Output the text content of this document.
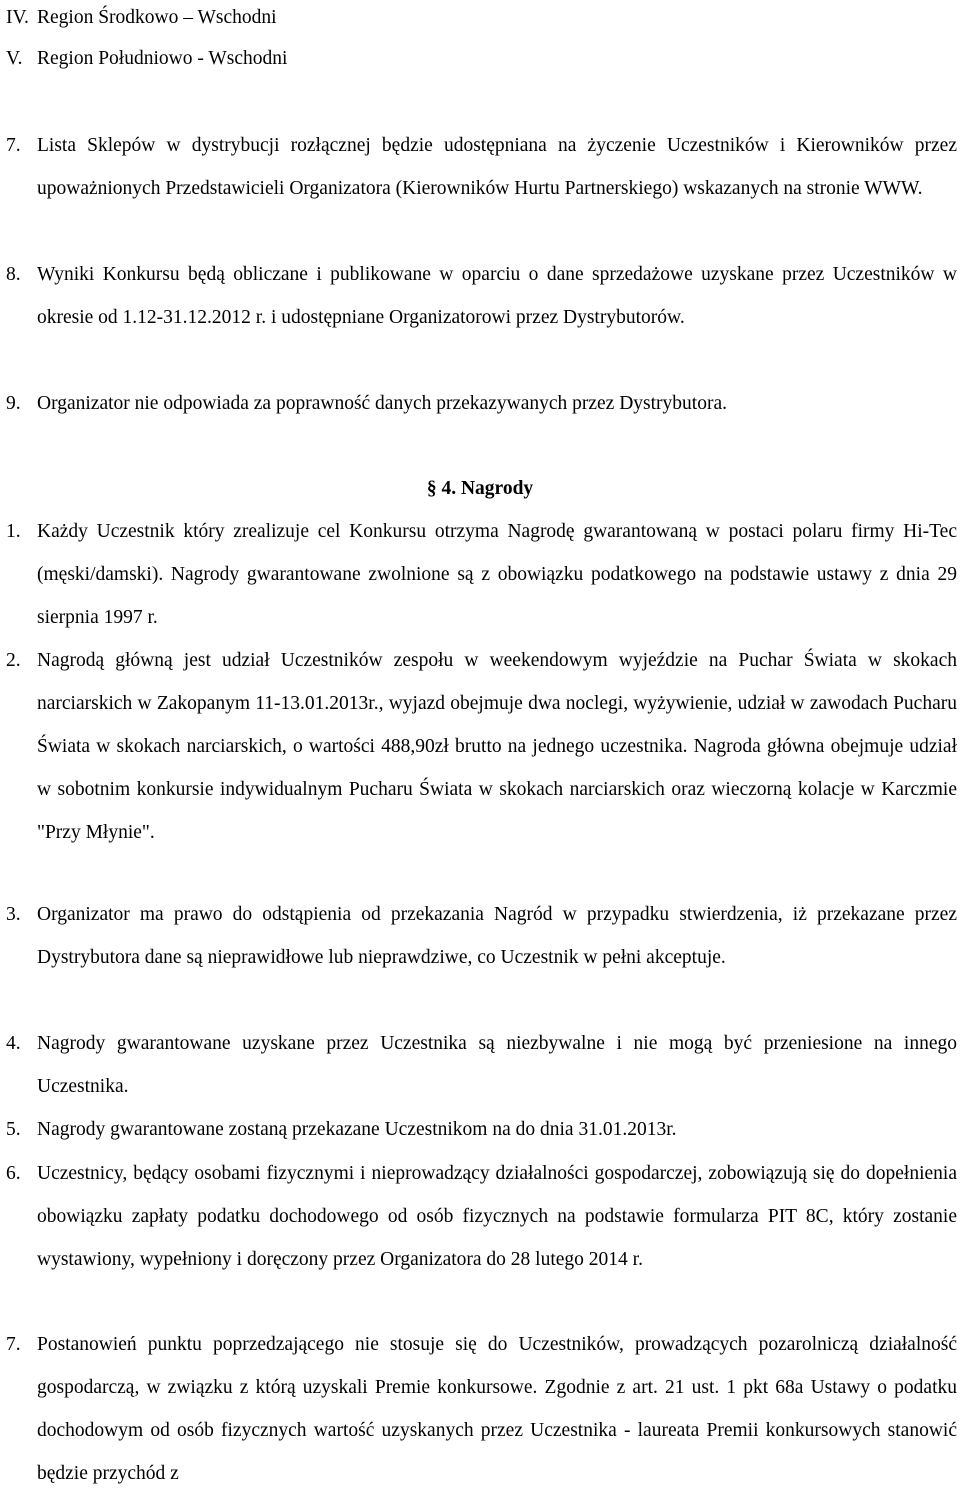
IV. Region Środkowo – Wschodni
V. Region Południowo - Wschodni
7. Lista Sklepów w dystrybucji rozłącznej będzie udostępniana na życzenie Uczestników i Kierowników przez upoważnionych Przedstawicieli Organizatora (Kierowników Hurtu Partnerskiego) wskazanych na stronie WWW.
8. Wyniki Konkursu będą obliczane i publikowane w oparciu o dane sprzedażowe uzyskane przez Uczestników w okresie od 1.12-31.12.2012 r. i udostępniane Organizatorowi przez Dystrybutorów.
9. Organizator nie odpowiada za poprawność danych przekazywanych przez Dystrybutora.
§ 4. Nagrody
1. Każdy Uczestnik który zrealizuje cel Konkursu otrzyma Nagrodę gwarantowaną w postaci polaru firmy Hi-Tec (męski/damski). Nagrody gwarantowane zwolnione są z obowiązku podatkowego na podstawie ustawy z dnia 29 sierpnia 1997 r.
2. Nagrodą główną jest udział Uczestników zespołu w weekendowym wyjeździe na Puchar Świata w skokach narciarskich w Zakopanym 11-13.01.2013r., wyjazd obejmuje dwa noclegi, wyżywienie, udział w zawodach Pucharu Świata w skokach narciarskich, o wartości 488,90zł brutto na jednego uczestnika. Nagroda główna obejmuje udział w sobotnim konkursie indywidualnym Pucharu Świata w skokach narciarskich oraz wieczorną kolacje w Karczmie "Przy Młynie".
3. Organizator ma prawo do odstąpienia od przekazania Nagród w przypadku stwierdzenia, iż przekazane przez Dystrybutora dane są nieprawidłowe lub nieprawdziwe, co Uczestnik w pełni akceptuje.
4. Nagrody gwarantowane uzyskane przez Uczestnika są niezbywalne i nie mogą być przeniesione na innego Uczestnika.
5. Nagrody gwarantowane zostaną przekazane Uczestnikom na do dnia 31.01.2013r.
6. Uczestnicy, będący osobami fizycznymi i nieprowadzący działalności gospodarczej, zobowiązują się do dopełnienia obowiązku zapłaty podatku dochodowego od osób fizycznych na podstawie formularza PIT 8C, który zostanie wystawiony, wypełniony i doręczony przez Organizatora do 28 lutego 2014 r.
7. Postanowień punktu poprzedzającego nie stosuje się do Uczestników, prowadzących pozarolniczą działalność gospodarczą, w związku z którą uzyskali Premie konkursowe. Zgodnie z art. 21 ust. 1 pkt 68a Ustawy o podatku dochodowym od osób fizycznych wartość uzyskanych przez Uczestnika - laureata Premii konkursowych stanowić będzie przychód z
